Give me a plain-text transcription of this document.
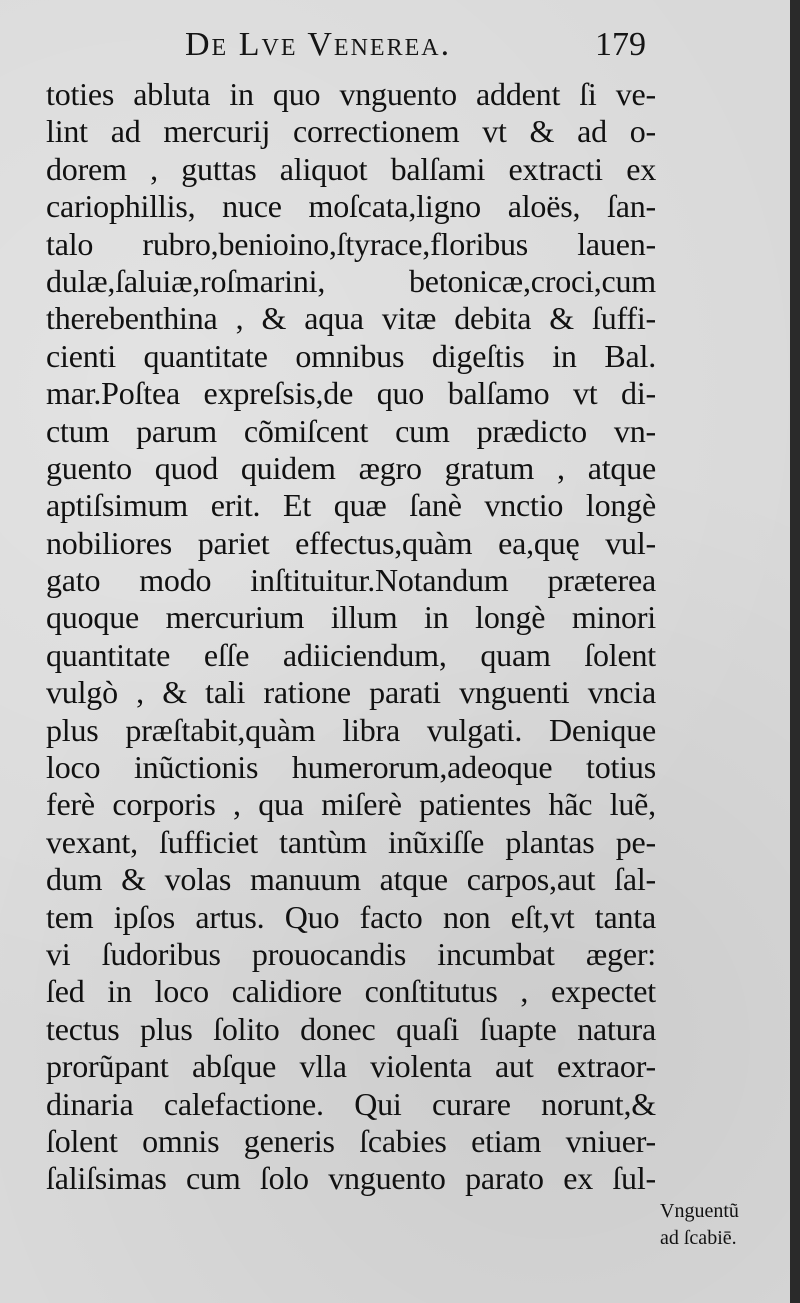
De Lve Venerea.	179
toties abluta in quo vnguento addent ſi ve-
lint ad mercurij correctionem vt & ad o-
dorem , guttas aliquot balſami extracti ex
cariophillis, nuce moſcata,ligno aloës, ſan-
talo rubro,benioino,ſtyrace,floribus lauen-
dulæ,ſaluiæ,roſmarini, betonicæ,croci,cum
therebenthina , & aqua vitæ debita & ſuffi-
cienti quantitate omnibus digeſtis in Bal.
mar.Poſtea expreſsis,de quo balſamo vt di-
ctum parum cõmiſcent cum prædicto vn-
guento quod quidem ægro gratum , atque
aptiſsimum erit. Et quæ ſanè vnctio longè
nobiliores pariet effectus,quàm ea,quę vul-
gato modo inſtituitur.Notandum præterea
quoque mercurium illum in longè minori
quantitate eſſe adiiciendum, quam ſolent
vulgò , & tali ratione parati vnguenti vncia
plus præſtabit,quàm libra vulgati. Denique
loco inũctionis humerorum,adeoque totius
ferè corporis , qua miſerè patientes hãc luẽ,
vexant, ſufficiet tantùm inũxiſſe plantas pe-
dum & volas manuum atque carpos,aut ſal-
tem ipſos artus. Quo facto non eſt,vt tanta
vi ſudoribus prouocandis incumbat æger:
ſed in loco calidiore conſtitutus , expectet
tectus plus ſolito donec quaſi ſuapte natura
prorũpant abſque vlla violenta aut extraor-
dinaria calefactione. Qui curare norunt,&
ſolent omnis generis ſcabies etiam vniuer-
ſaliſsimas cum ſolo vnguento parato ex ſul-
Vnguentũ
ad ſcabiē.
